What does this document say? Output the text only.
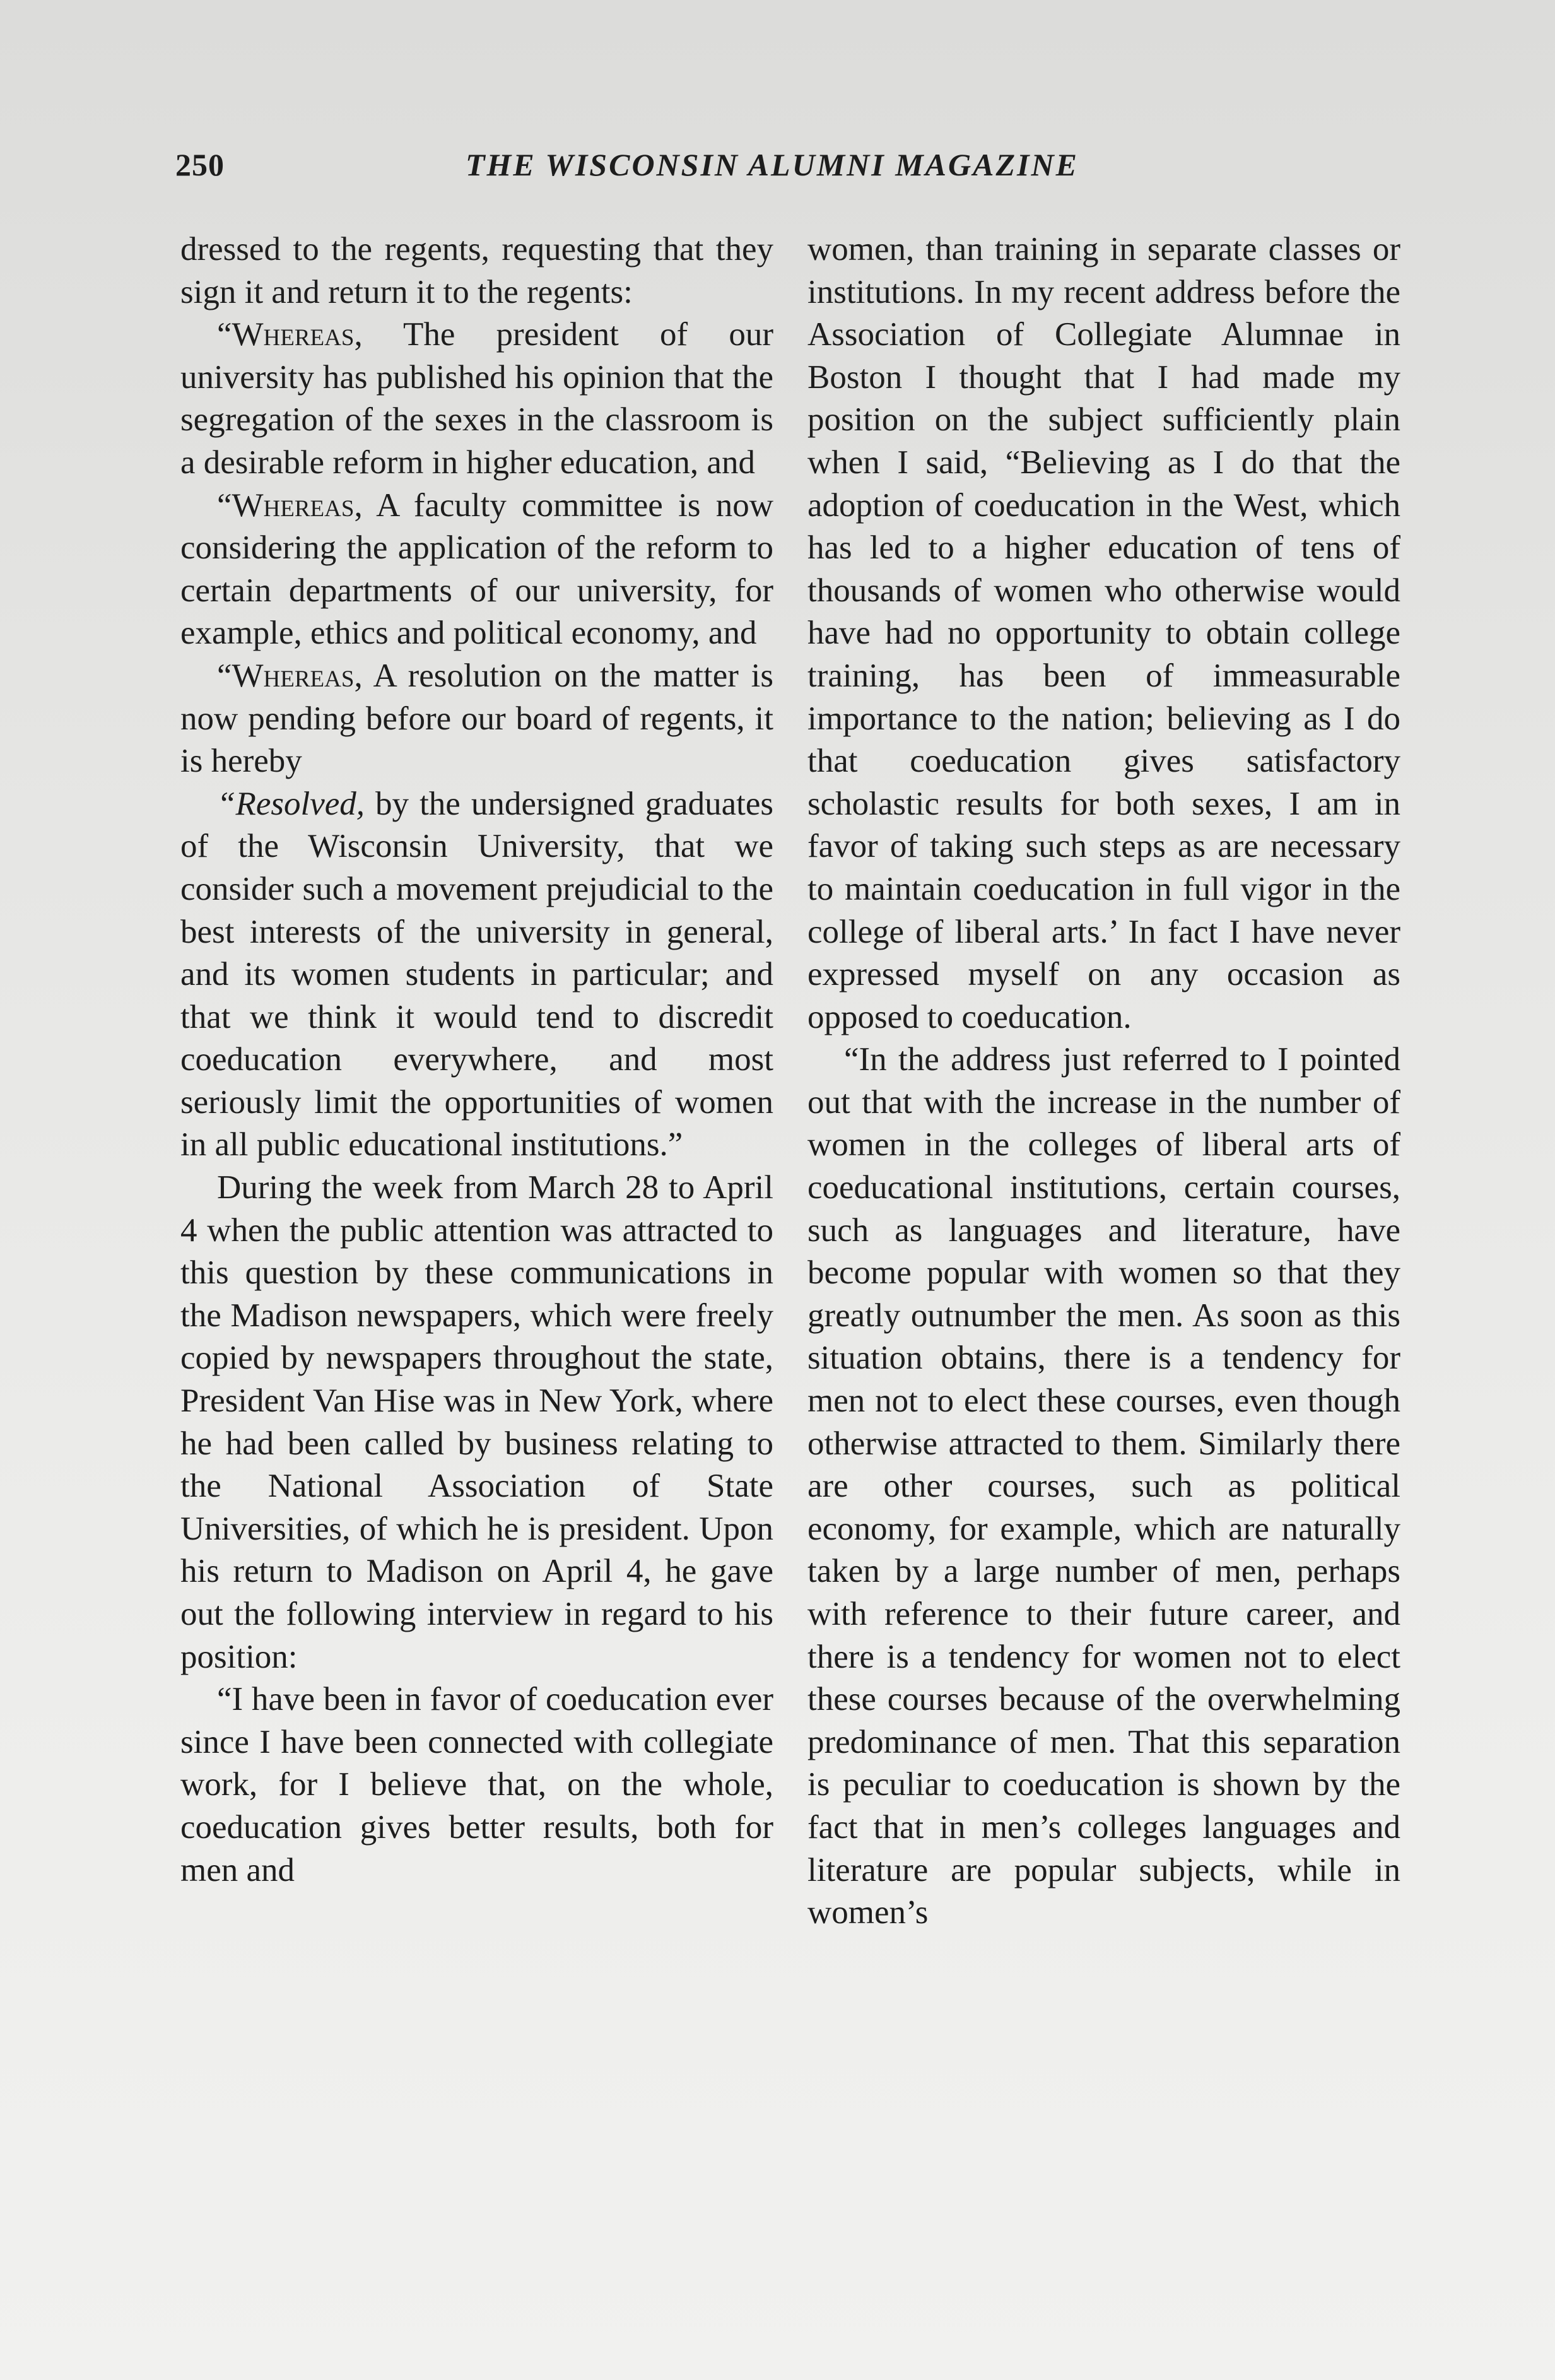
250	THE WISCONSIN ALUMNI MAGAZINE

dressed to the regents, requesting that they sign it and return it to the regents:

“Whereas, The president of our university has published his opinion that the segregation of the sexes in the classroom is a desirable reform in higher education, and

“Whereas, A faculty committee is now considering the application of the reform to certain departments of our university, for example, ethics and political economy, and

“Whereas, A resolution on the matter is now pending before our board of regents, it is hereby

“Resolved, by the undersigned graduates of the Wisconsin University, that we consider such a movement prejudicial to the best interests of the university in general, and its women students in particular; and that we think it would tend to discredit coeducation everywhere, and most seriously limit the opportunities of women in all public educational institutions.”

During the week from March 28 to April 4 when the public attention was attracted to this question by these communications in the Madison newspapers, which were freely copied by newspapers throughout the state, President Van Hise was in New York, where he had been called by business relating to the National Association of State Universities, of which he is president. Upon his return to Madison on April 4, he gave out the following interview in regard to his position:

“I have been in favor of coeducation ever since I have been connected with collegiate work, for I believe that, on the whole, coeducation gives better results, both for men and

women, than training in separate classes or institutions. In my recent address before the Association of Collegiate Alumnae in Boston I thought that I had made my position on the subject sufficiently plain when I said, “Believing as I do that the adoption of coeducation in the West, which has led to a higher education of tens of thousands of women who otherwise would have had no opportunity to obtain college training, has been of immeasurable importance to the nation; believing as I do that coeducation gives satisfactory scholastic results for both sexes, I am in favor of taking such steps as are necessary to maintain coeducation in full vigor in the college of liberal arts.’ In fact I have never expressed myself on any occasion as opposed to coeducation.

“In the address just referred to I pointed out that with the increase in the number of women in the colleges of liberal arts of coeducational institutions, certain courses, such as languages and literature, have become popular with women so that they greatly outnumber the men. As soon as this situation obtains, there is a tendency for men not to elect these courses, even though otherwise attracted to them. Similarly there are other courses, such as political economy, for example, which are naturally taken by a large number of men, perhaps with reference to their future career, and there is a tendency for women not to elect these courses because of the overwhelming predominance of men. That this separation is peculiar to coeducation is shown by the fact that in men’s colleges languages and literature are popular subjects, while in women’s
